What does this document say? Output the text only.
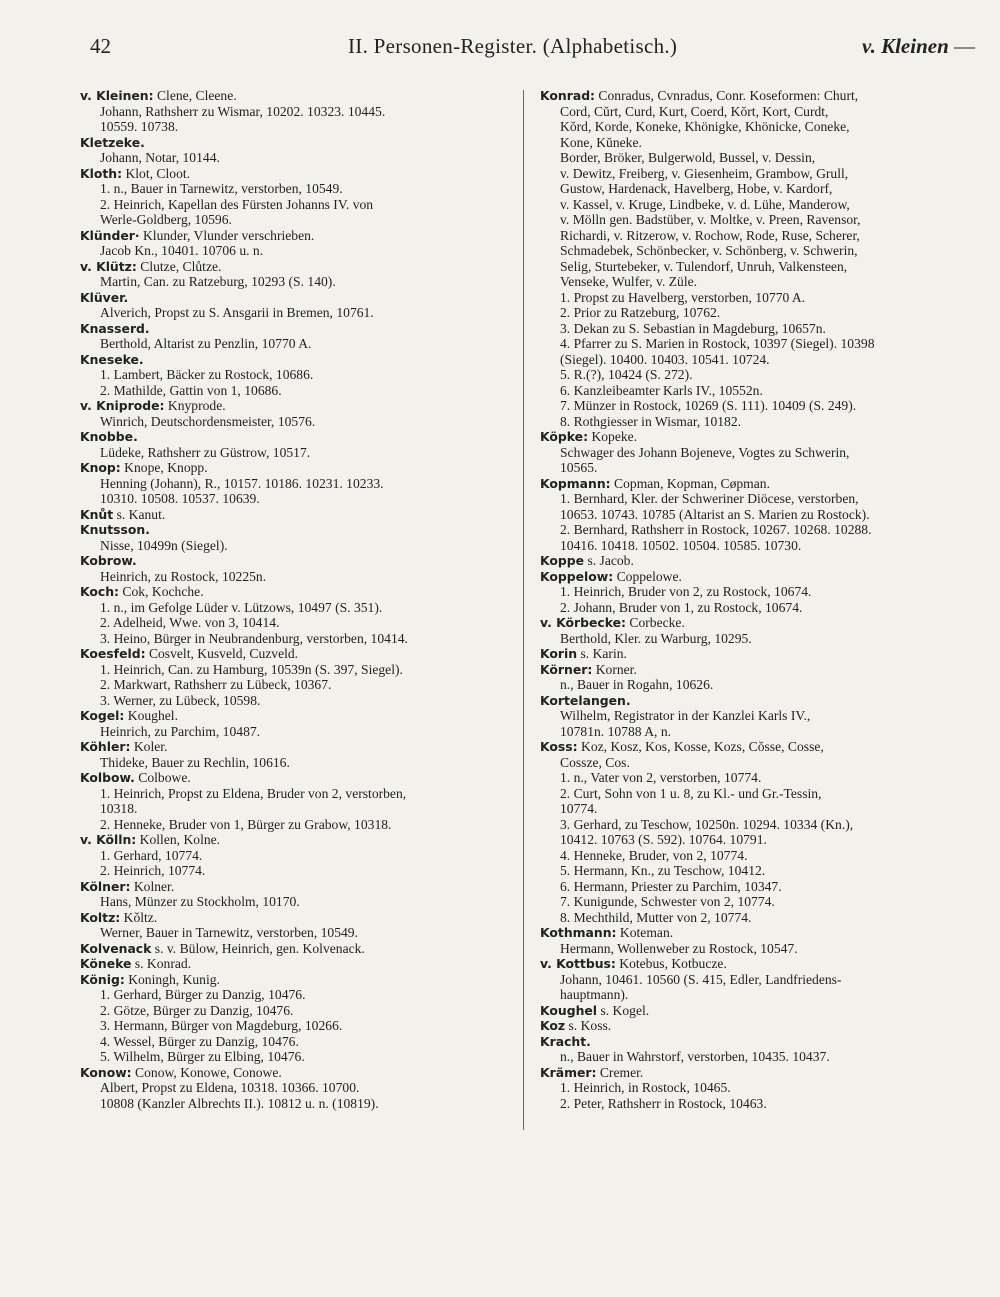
42	II. Personen-Register. (Alphabetisch.)	v. Kleinen —
v. Kleinen: Clene, Cleene.
Johann, Rathsherr zu Wismar, 10202. 10323. 10445.
10559. 10738.
Kletzeke.
Johann, Notar, 10144.
Kloth: Klot, Cloot.
1. n., Bauer in Tarnewitz, verstorben, 10549.
2. Heinrich, Kapellan des Fürsten Johanns IV. von
Werle-Goldberg, 10596.
Klünder· Klunder, Vlunder verschrieben.
Jacob Kn., 10401. 10706 u. n.
v. Klütz: Clutze, Clůtze.
Martin, Can. zu Ratzeburg, 10293 (S. 140).
Klüver.
Alverich, Propst zu S. Ansgarii in Bremen, 10761.
Knasserd.
Berthold, Altarist zu Penzlin, 10770 A.
Kneseke.
1. Lambert, Bäcker zu Rostock, 10686.
2. Mathilde, Gattin von 1, 10686.
v. Kniprode: Knyprode.
Winrich, Deutschordensmeister, 10576.
Knobbe.
Lüdeke, Rathsherr zu Güstrow, 10517.
Knop: Knope, Knopp.
Henning (Johann), R., 10157. 10186. 10231. 10233.
10310. 10508. 10537. 10639.
Knůt s. Kanut.
Knutsson.
Nisse, 10499n (Siegel).
Kobrow.
Heinrich, zu Rostock, 10225n.
Koch: Cok, Kochche.
1. n., im Gefolge Lüder v. Lützows, 10497 (S. 351).
2. Adelheid, Wwe. von 3, 10414.
3. Heino, Bürger in Neubrandenburg, verstorben, 10414.
Koesfeld: Cosvelt, Kusveld, Cuzveld.
1. Heinrich, Can. zu Hamburg, 10539n (S. 397, Siegel).
2. Markwart, Rathsherr zu Lübeck, 10367.
3. Werner, zu Lübeck, 10598.
Kogel: Koughel.
Heinrich, zu Parchim, 10487.
Köhler: Koler.
Thideke, Bauer zu Rechlin, 10616.
Kolbow. Colbowe.
1. Heinrich, Propst zu Eldena, Bruder von 2, verstorben,
10318.
2. Henneke, Bruder von 1, Bürger zu Grabow, 10318.
v. Kölln: Kollen, Kolne.
1. Gerhard, 10774.
2. Heinrich, 10774.
Kölner: Kolner.
Hans, Münzer zu Stockholm, 10170.
Koltz: Kǒltz.
Werner, Bauer in Tarnewitz, verstorben, 10549.
Kolvenack s. v. Bülow, Heinrich, gen. Kolvenack.
Köneke s. Konrad.
König: Koningh, Kunig.
1. Gerhard, Bürger zu Danzig, 10476.
2. Götze, Bürger zu Danzig, 10476.
3. Hermann, Bürger von Magdeburg, 10266.
4. Wessel, Bürger zu Danzig, 10476.
5. Wilhelm, Bürger zu Elbing, 10476.
Konow: Conow, Konowe, Conowe.
Albert, Propst zu Eldena, 10318. 10366. 10700.
10808 (Kanzler Albrechts II.). 10812 u. n. (10819).
Konrad: Conradus, Cvnradus, Conr. Koseformen: Churt,
Cord, Cŭrt, Curd, Kurt, Coerd, Kŏrt, Kort, Curdt,
Kŏrd, Korde, Koneke, Khönigke, Khönicke, Coneke,
Kone, Kŭneke.
Border, Bröker, Bulgerwold, Bussel, v. Dessin,
v. Dewitz, Freiberg, v. Giesenheim, Grambow, Grull,
Gustow, Hardenack, Havelberg, Hobe, v. Kardorf,
v. Kassel, v. Kruge, Lindbeke, v. d. Lühe, Manderow,
v. Mölln gen. Badstüber, v. Moltke, v. Preen, Ravensor,
Richardi, v. Ritzerow, v. Rochow, Rode, Ruse, Scherer,
Schmadebek, Schönbecker, v. Schönberg, v. Schwerin,
Selig, Sturtebeker, v. Tulendorf, Unruh, Valkensteen,
Venseke, Wulfer, v. Züle.
1. Propst zu Havelberg, verstorben, 10770 A.
2. Prior zu Ratzeburg, 10762.
3. Dekan zu S. Sebastian in Magdeburg, 10657n.
4. Pfarrer zu S. Marien in Rostock, 10397 (Siegel). 10398
(Siegel). 10400. 10403. 10541. 10724.
5. R.(?), 10424 (S. 272).
6. Kanzleibeamter Karls IV., 10552n.
7. Münzer in Rostock, 10269 (S. 111). 10409 (S. 249).
8. Rothgiesser in Wismar, 10182.
Köpke: Kopeke.
Schwager des Johann Bojeneve, Vogtes zu Schwerin,
10565.
Kopmann: Copman, Kopman, Cøpman.
1. Bernhard, Kler. der Schweriner Diöcese, verstorben,
10653. 10743. 10785 (Altarist an S. Marien zu Rostock).
2. Bernhard, Rathsherr in Rostock, 10267. 10268. 10288.
10416. 10418. 10502. 10504. 10585. 10730.
Koppe s. Jacob.
Koppelow: Coppelowe.
1. Heinrich, Bruder von 2, zu Rostock, 10674.
2. Johann, Bruder von 1, zu Rostock, 10674.
v. Körbecke: Corbecke.
Berthold, Kler. zu Warburg, 10295.
Korin s. Karin.
Körner: Korner.
n., Bauer in Rogahn, 10626.
Kortelangen.
Wilhelm, Registrator in der Kanzlei Karls IV.,
10781n. 10788 A, n.
Koss: Koz, Kosz, Kos, Kosse, Kozs, Cŏsse, Cosse,
Cossze, Cos.
1. n., Vater von 2, verstorben, 10774.
2. Curt, Sohn von 1 u. 8, zu Kl.- und Gr.-Tessin,
10774.
3. Gerhard, zu Teschow, 10250n. 10294. 10334 (Kn.),
10412. 10763 (S. 592). 10764. 10791.
4. Henneke, Bruder, von 2, 10774.
5. Hermann, Kn., zu Teschow, 10412.
6. Hermann, Priester zu Parchim, 10347.
7. Kunigunde, Schwester von 2, 10774.
8. Mechthild, Mutter von 2, 10774.
Kothmann: Koteman.
Hermann, Wollenweber zu Rostock, 10547.
v. Kottbus: Kotebus, Kotbucze.
Johann, 10461. 10560 (S. 415, Edler, Landfriedens-
hauptmann).
Koughel s. Kogel.
Koz s. Koss.
Kracht.
n., Bauer in Wahrstorf, verstorben, 10435. 10437.
Krämer: Cremer.
1. Heinrich, in Rostock, 10465.
2. Peter, Rathsherr in Rostock, 10463.
